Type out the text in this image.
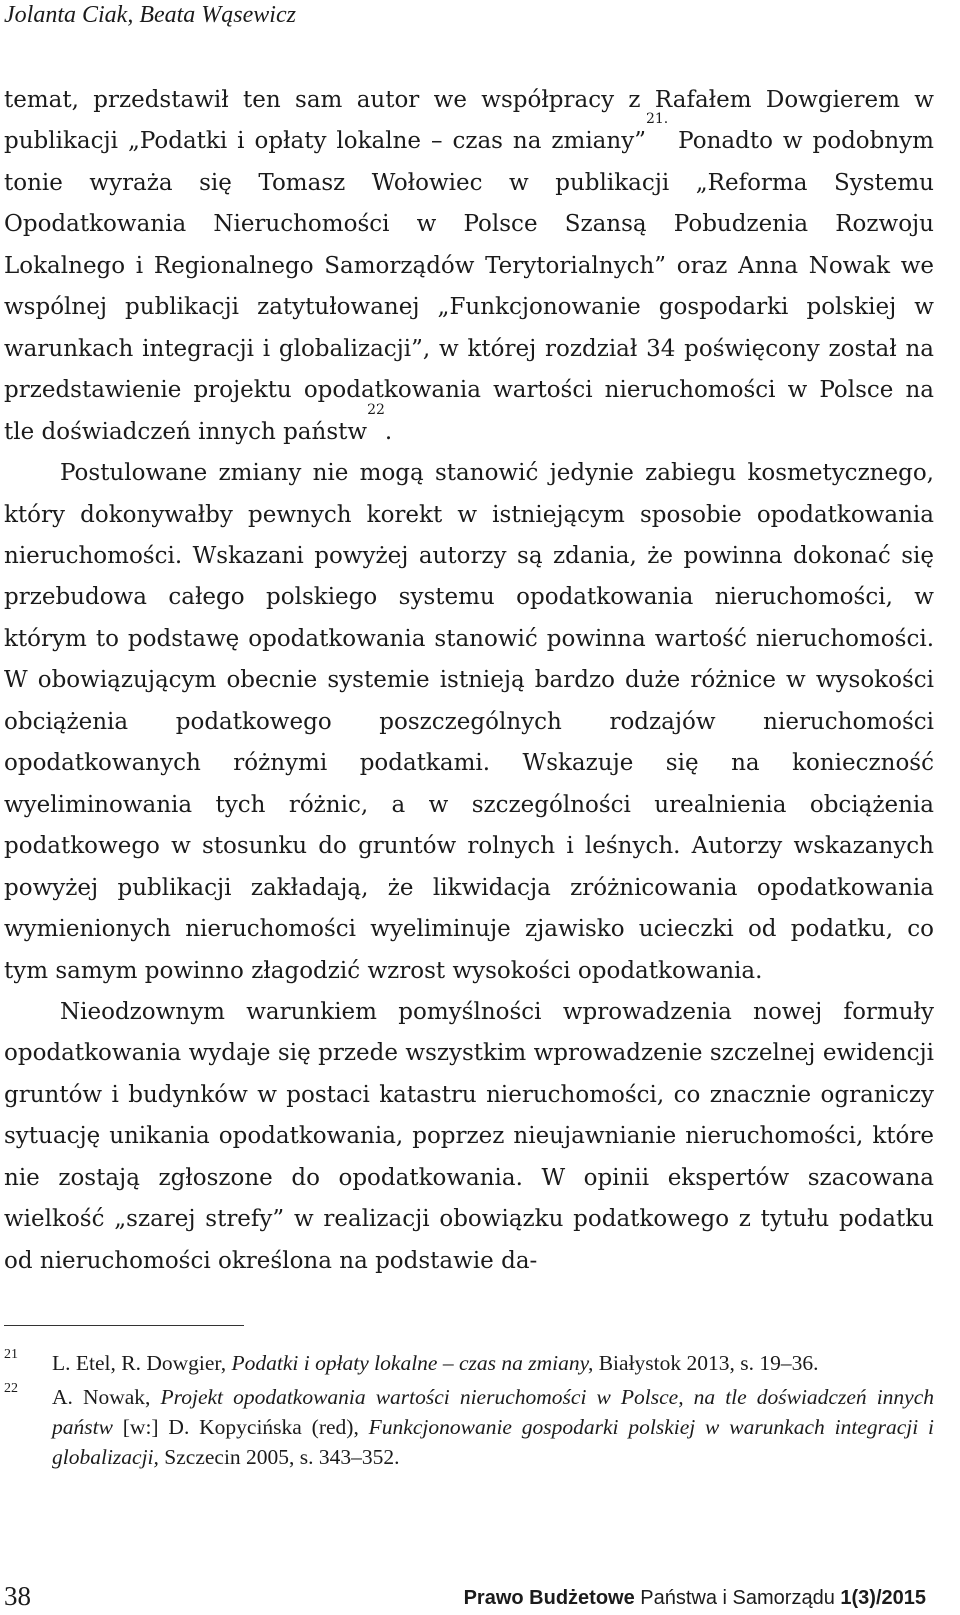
Jolanta Ciak, Beata Wąsewicz

temat, przedstawił ten sam autor we współpracy z Rafałem Dowgierem w publikacji „Podatki i opłaty lokalne – czas na zmiany”$^{21.}$ Ponadto w podobnym tonie wyraża się Tomasz Wołowiec w publikacji „Reforma Systemu Opodatkowania Nieruchomości w Polsce Szansą Pobudzenia Rozwoju Lokalnego i Regionalnego Samorządów Terytorialnych” oraz Anna Nowak we wspólnej publikacji zatytułowanej „Funkcjonowanie gospodarki polskiej w warunkach integracji i globalizacji”, w której rozdział 34 poświęcony został na przedstawienie projektu opodatkowania wartości nieruchomości w Polsce na tle doświadczeń innych państw$^{22}$.

Postulowane zmiany nie mogą stanowić jedynie zabiegu kosmetycznego, który dokonywałby pewnych korekt w istniejącym sposobie opodatkowania nieruchomości. Wskazani powyżej autorzy są zdania, że powinna dokonać się przebudowa całego polskiego systemu opodatkowania nieruchomości, w którym to podstawę opodatkowania stanowić powinna wartość nieruchomości. W obowiązującym obecnie systemie istnieją bardzo duże różnice w wysokości obciążenia podatkowego poszczególnych rodzajów nieruchomości opodatkowanych różnymi podatkami. Wskazuje się na konieczność wyeliminowania tych różnic, a w szczególności urealnienia obciążenia podatkowego w stosunku do gruntów rolnych i leśnych. Autorzy wskazanych powyżej publikacji zakładają, że likwidacja zróżnicowania opodatkowania wymienionych nieruchomości wyeliminuje zjawisko ucieczki od podatku, co tym samym powinno złagodzić wzrost wysokości opodatkowania.

Nieodzownym warunkiem pomyślności wprowadzenia nowej formuły opodatkowania wydaje się przede wszystkim wprowadzenie szczelnej ewidencji gruntów i budynków w postaci katastru nieruchomości, co znacznie ograniczy sytuację unikania opodatkowania, poprzez nieujawnianie nieruchomości, które nie zostają zgłoszone do opodatkowania. W opinii ekspertów szacowana wielkość „szarej strefy” w realizacji obowiązku podatkowego z tytułu podatku od nieruchomości określona na podstawie da-

21 L. Etel, R. Dowgier, Podatki i opłaty lokalne – czas na zmiany, Białystok 2013, s. 19–36.
22 A. Nowak, Projekt opodatkowania wartości nieruchomości w Polsce, na tle doświadczeń innych państw [w:] D. Kopycińska (red), Funkcjonowanie gospodarki polskiej w warunkach integracji i globalizacji, Szczecin 2005, s. 343–352.
38	Prawo Budżetowe Państwa i Samorządu 1(3)/2015
